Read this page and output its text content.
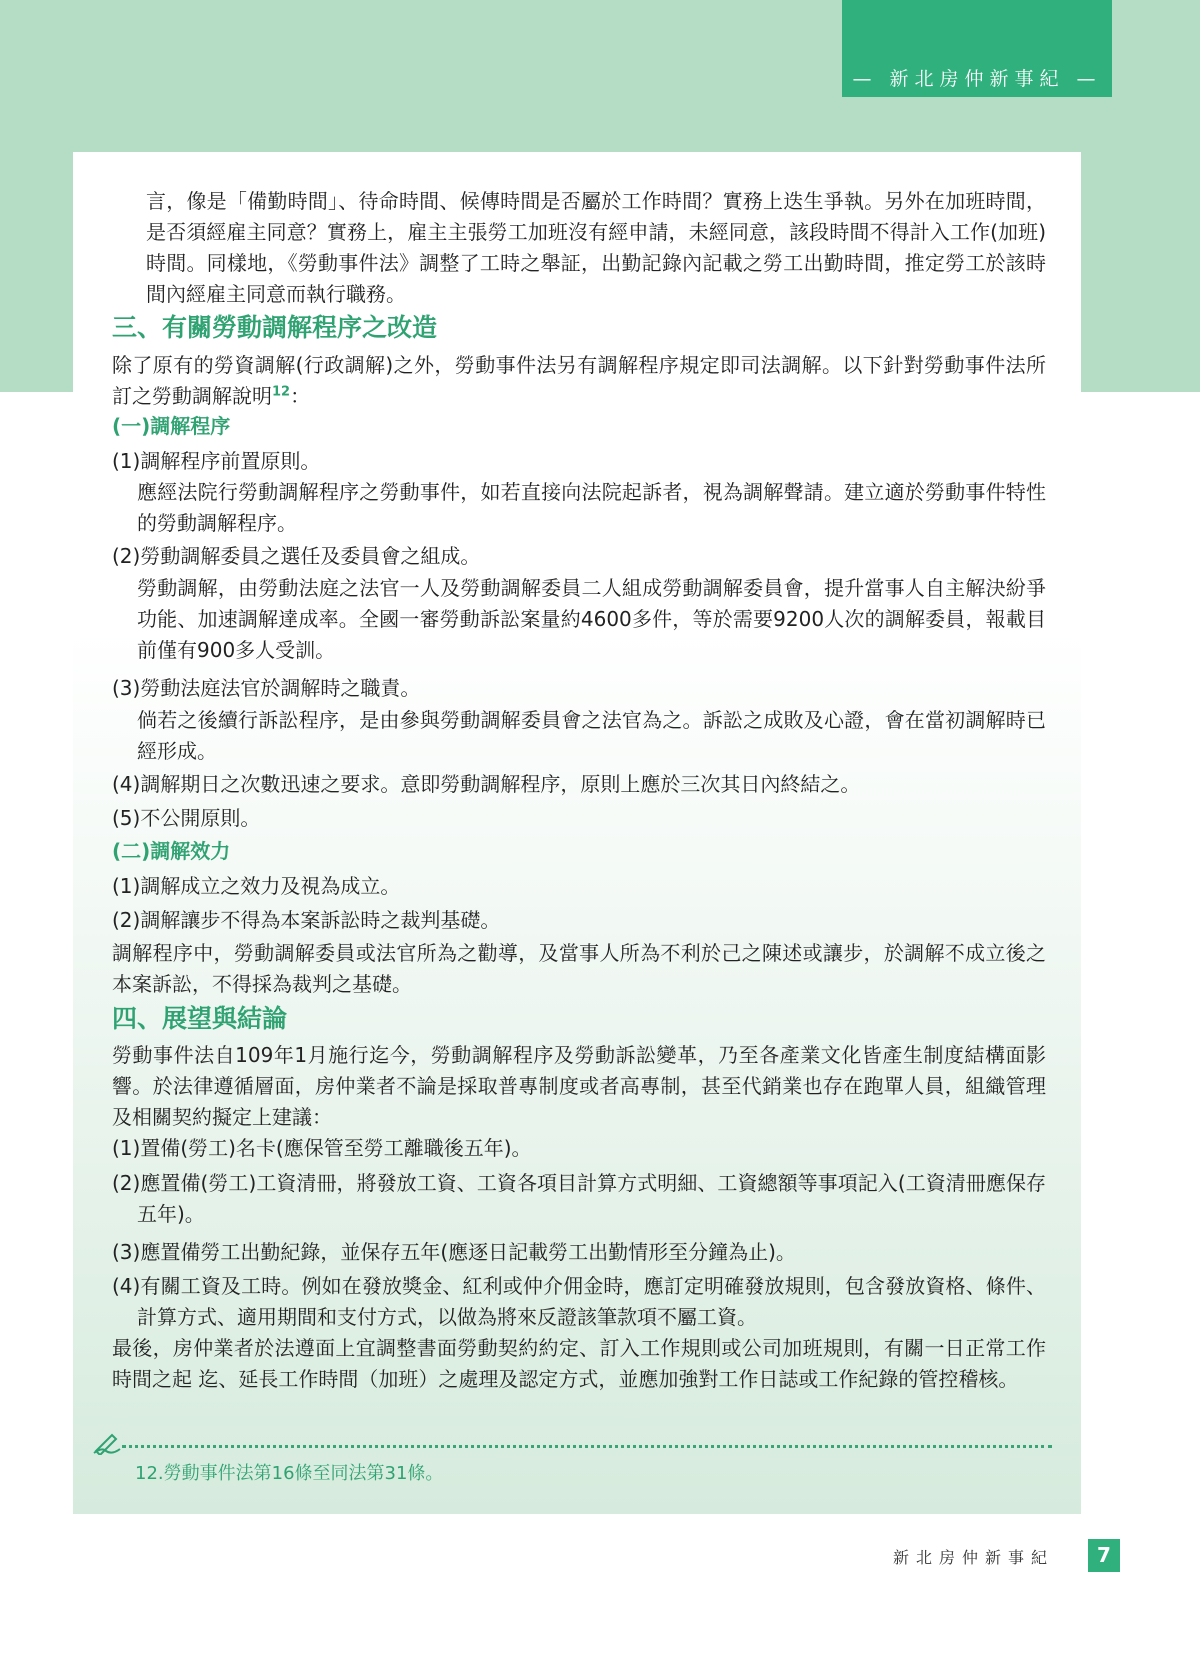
— 新北房仲新事紀 —

言，像是「備勤時間」、待命時間、候傳時間是否屬於工作時間？實務上迭生爭執。另外在加班時間，是否須經雇主同意？實務上，雇主主張勞工加班沒有經申請，未經同意，該段時間不得計入工作(加班)時間。同樣地，《勞動事件法》調整了工時之舉証，出勤記錄內記載之勞工出勤時間，推定勞工於該時間內經雇主同意而執行職務。

三、有關勞動調解程序之改造

除了原有的勞資調解(行政調解)之外，勞動事件法另有調解程序規定即司法調解。以下針對勞動事件法所訂之勞動調解說明$^{12}$：

(一)調解程序

(1)調解程序前置原則。

應經法院行勞動調解程序之勞動事件，如若直接向法院起訴者，視為調解聲請。建立適於勞動事件特性的勞動調解程序。

(2)勞動調解委員之選任及委員會之組成。

勞動調解，由勞動法庭之法官一人及勞動調解委員二人組成勞動調解委員會，提升當事人自主解決紛爭功能、加速調解達成率。全國一審勞動訴訟案量約4600多件，等於需要9200人次的調解委員，報載目前僅有900多人受訓。

(3)勞動法庭法官於調解時之職責。

倘若之後續行訴訟程序，是由參與勞動調解委員會之法官為之。訴訟之成敗及心證，會在當初調解時已經形成。

(4)調解期日之次數迅速之要求。意即勞動調解程序，原則上應於三次其日內終結之。

(5)不公開原則。

(二)調解效力

(1)調解成立之效力及視為成立。

(2)調解讓步不得為本案訴訟時之裁判基礎。

調解程序中，勞動調解委員或法官所為之勸導，及當事人所為不利於己之陳述或讓步，於調解不成立後之本案訴訟，不得採為裁判之基礎。

四、展望與結論

勞動事件法自109年1月施行迄今，勞動調解程序及勞動訴訟變革，乃至各產業文化皆產生制度結構面影響。於法律遵循層面，房仲業者不論是採取普專制度或者高專制，甚至代銷業也存在跑單人員，組織管理及相關契約擬定上建議：

(1)置備(勞工)名卡(應保管至勞工離職後五年)。

(2)應置備(勞工)工資清冊，將發放工資、工資各項目計算方式明細、工資總額等事項記入(工資清冊應保存五年)。

(3)應置備勞工出勤紀錄，並保存五年(應逐日記載勞工出勤情形至分鐘為止)。

(4)有關工資及工時。例如在發放獎金、紅利或仲介佣金時，應訂定明確發放規則，包含發放資格、條件、計算方式、適用期間和支付方式，以做為將來反證該筆款項不屬工資。

最後，房仲業者於法遵面上宜調整書面勞動契約約定、訂入工作規則或公司加班規則，有關一日正常工作時間之起 迄、延長工作時間（加班）之處理及認定方式，並應加強對工作日誌或工作紀錄的管控稽核。

12.勞動事件法第16條至同法第31條。

新北房仲新事紀	7
